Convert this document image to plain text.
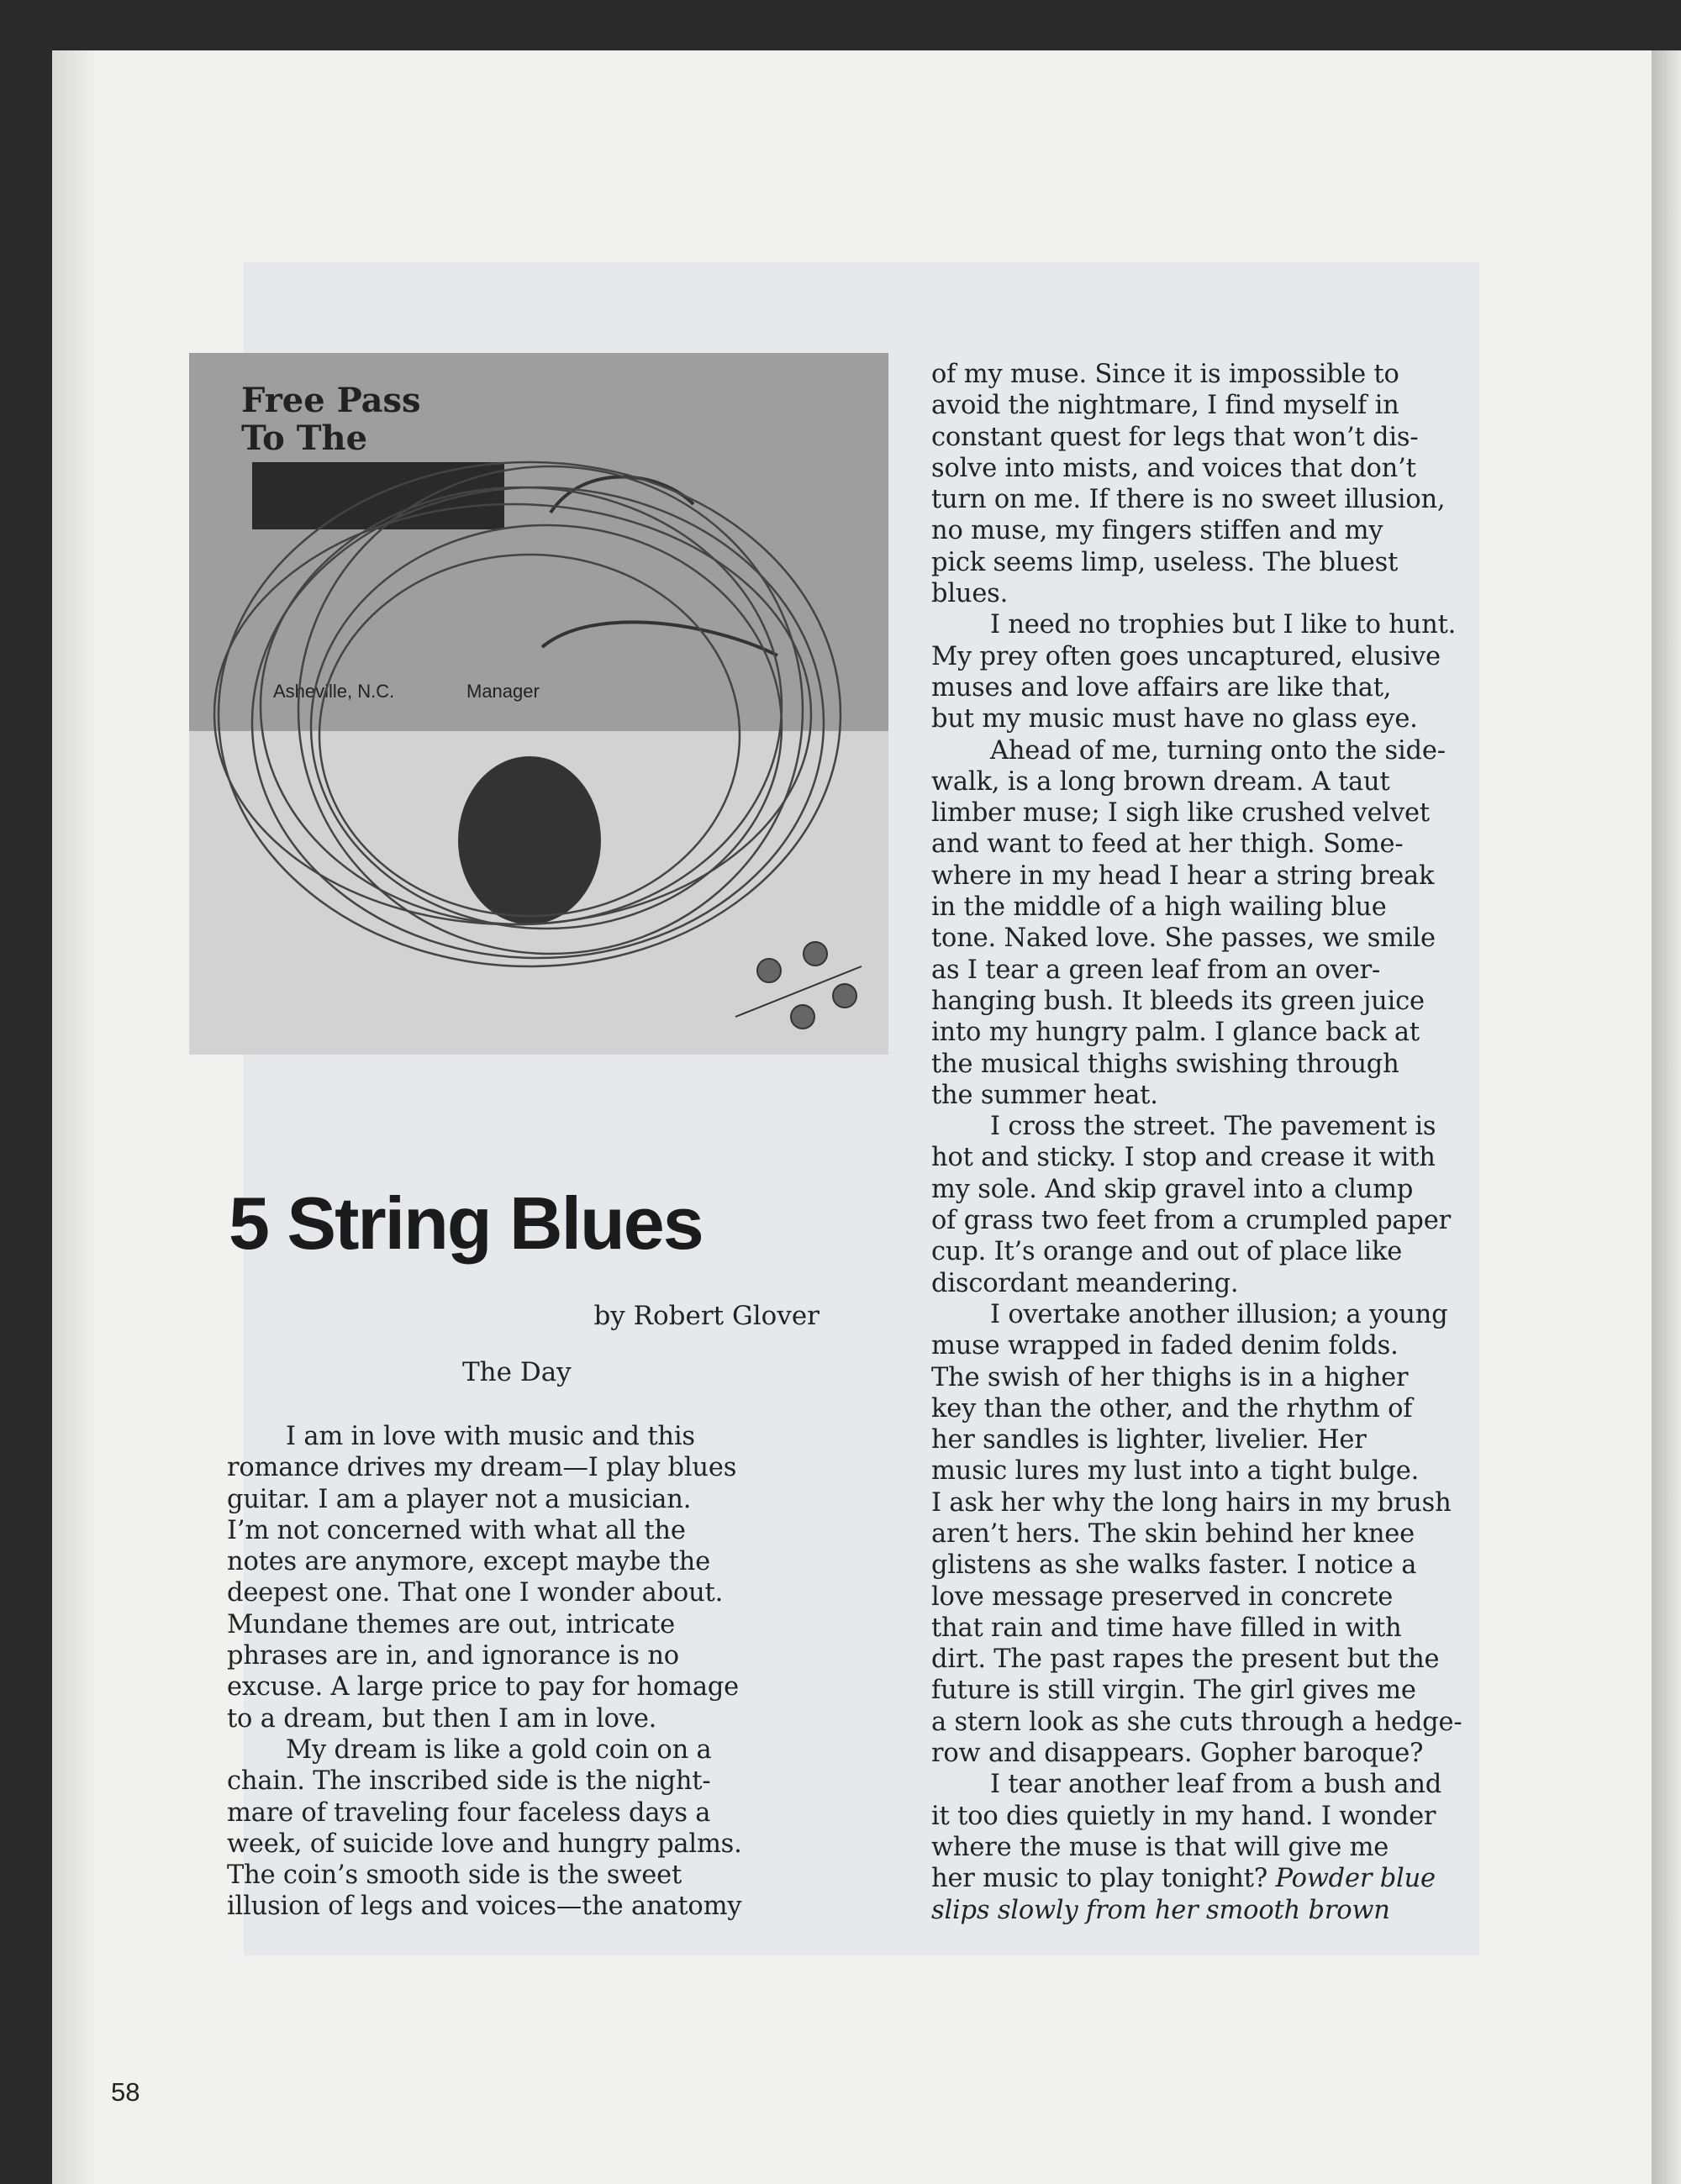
Free Pass
To The
Asheville, N.C.	Manager
5 String Blues
by Robert Glover
The Day
I am in love with music and this
romance drives my dream—I play blues
guitar. I am a player not a musician.
I’m not concerned with what all the
notes are anymore, except maybe the
deepest one. That one I wonder about.
Mundane themes are out, intricate
phrases are in, and ignorance is no
excuse. A large price to pay for homage
to a dream, but then I am in love.
My dream is like a gold coin on a
chain. The inscribed side is the night-
mare of traveling four faceless days a
week, of suicide love and hungry palms.
The coin’s smooth side is the sweet
illusion of legs and voices—the anatomy
of my muse. Since it is impossible to
avoid the nightmare, I find myself in
constant quest for legs that won’t dis-
solve into mists, and voices that don’t
turn on me. If there is no sweet illusion,
no muse, my fingers stiffen and my
pick seems limp, useless. The bluest
blues.
I need no trophies but I like to hunt.
My prey often goes uncaptured, elusive
muses and love affairs are like that,
but my music must have no glass eye.
Ahead of me, turning onto the side-
walk, is a long brown dream. A taut
limber muse; I sigh like crushed velvet
and want to feed at her thigh. Some-
where in my head I hear a string break
in the middle of a high wailing blue
tone. Naked love. She passes, we smile
as I tear a green leaf from an over-
hanging bush. It bleeds its green juice
into my hungry palm. I glance back at
the musical thighs swishing through
the summer heat.
I cross the street. The pavement is
hot and sticky. I stop and crease it with
my sole. And skip gravel into a clump
of grass two feet from a crumpled paper
cup. It’s orange and out of place like
discordant meandering.
I overtake another illusion; a young
muse wrapped in faded denim folds.
The swish of her thighs is in a higher
key than the other, and the rhythm of
her sandles is lighter, livelier. Her
music lures my lust into a tight bulge.
I ask her why the long hairs in my brush
aren’t hers. The skin behind her knee
glistens as she walks faster. I notice a
love message preserved in concrete
that rain and time have filled in with
dirt. The past rapes the present but the
future is still virgin. The girl gives me
a stern look as she cuts through a hedge-
row and disappears. Gopher baroque?
I tear another leaf from a bush and
it too dies quietly in my hand. I wonder
where the muse is that will give me
her music to play tonight? Powder blue
slips slowly from her smooth brown
58
